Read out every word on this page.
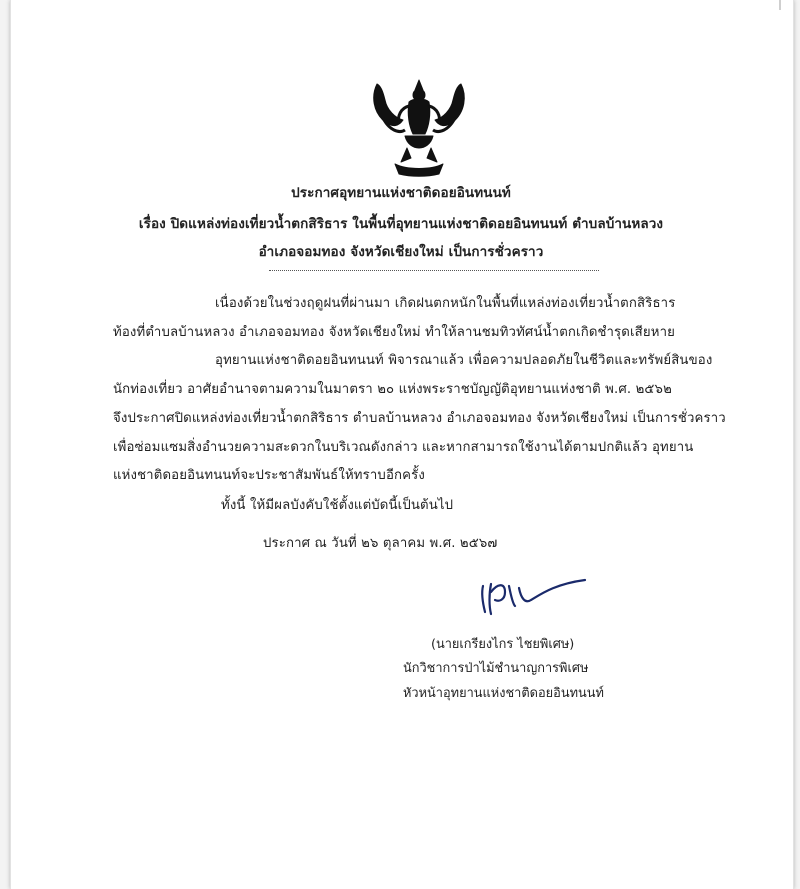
ประกาศอุทยานแห่งชาติดอยอินทนนท์
เรื่อง ปิดแหล่งท่องเที่ยวน้ำตกสิริธาร ในพื้นที่อุทยานแห่งชาติดอยอินทนนท์ ตำบลบ้านหลวง
อำเภอจอมทอง จังหวัดเชียงใหม่ เป็นการชั่วคราว
เนื่องด้วยในช่วงฤดูฝนที่ผ่านมา เกิดฝนตกหนักในพื้นที่แหล่งท่องเที่ยวน้ำตกสิริธาร
ท้องที่ตำบลบ้านหลวง อำเภอจอมทอง จังหวัดเชียงใหม่ ทำให้ลานชมทิวทัศน์น้ำตกเกิดชำรุดเสียหาย
อุทยานแห่งชาติดอยอินทนนท์ พิจารณาแล้ว เพื่อความปลอดภัยในชีวิตและทรัพย์สินของ
นักท่องเที่ยว อาศัยอำนาจตามความในมาตรา ๒๐ แห่งพระราชบัญญัติอุทยานแห่งชาติ พ.ศ. ๒๕๖๒
จึงประกาศปิดแหล่งท่องเที่ยวน้ำตกสิริธาร ตำบลบ้านหลวง อำเภอจอมทอง จังหวัดเชียงใหม่ เป็นการชั่วคราว
เพื่อซ่อมแซมสิ่งอำนวยความสะดวกในบริเวณดังกล่าว และหากสามารถใช้งานได้ตามปกติแล้ว อุทยาน
แห่งชาติดอยอินทนนท์จะประชาสัมพันธ์ให้ทราบอีกครั้ง
ทั้งนี้ ให้มีผลบังคับใช้ตั้งแต่บัดนี้เป็นต้นไป
ประกาศ ณ วันที่ ๒๖ ตุลาคม พ.ศ. ๒๕๖๗
(นายเกรียงไกร ไชยพิเศษ)
นักวิชาการป่าไม้ชำนาญการพิเศษ
หัวหน้าอุทยานแห่งชาติดอยอินทนนท์
